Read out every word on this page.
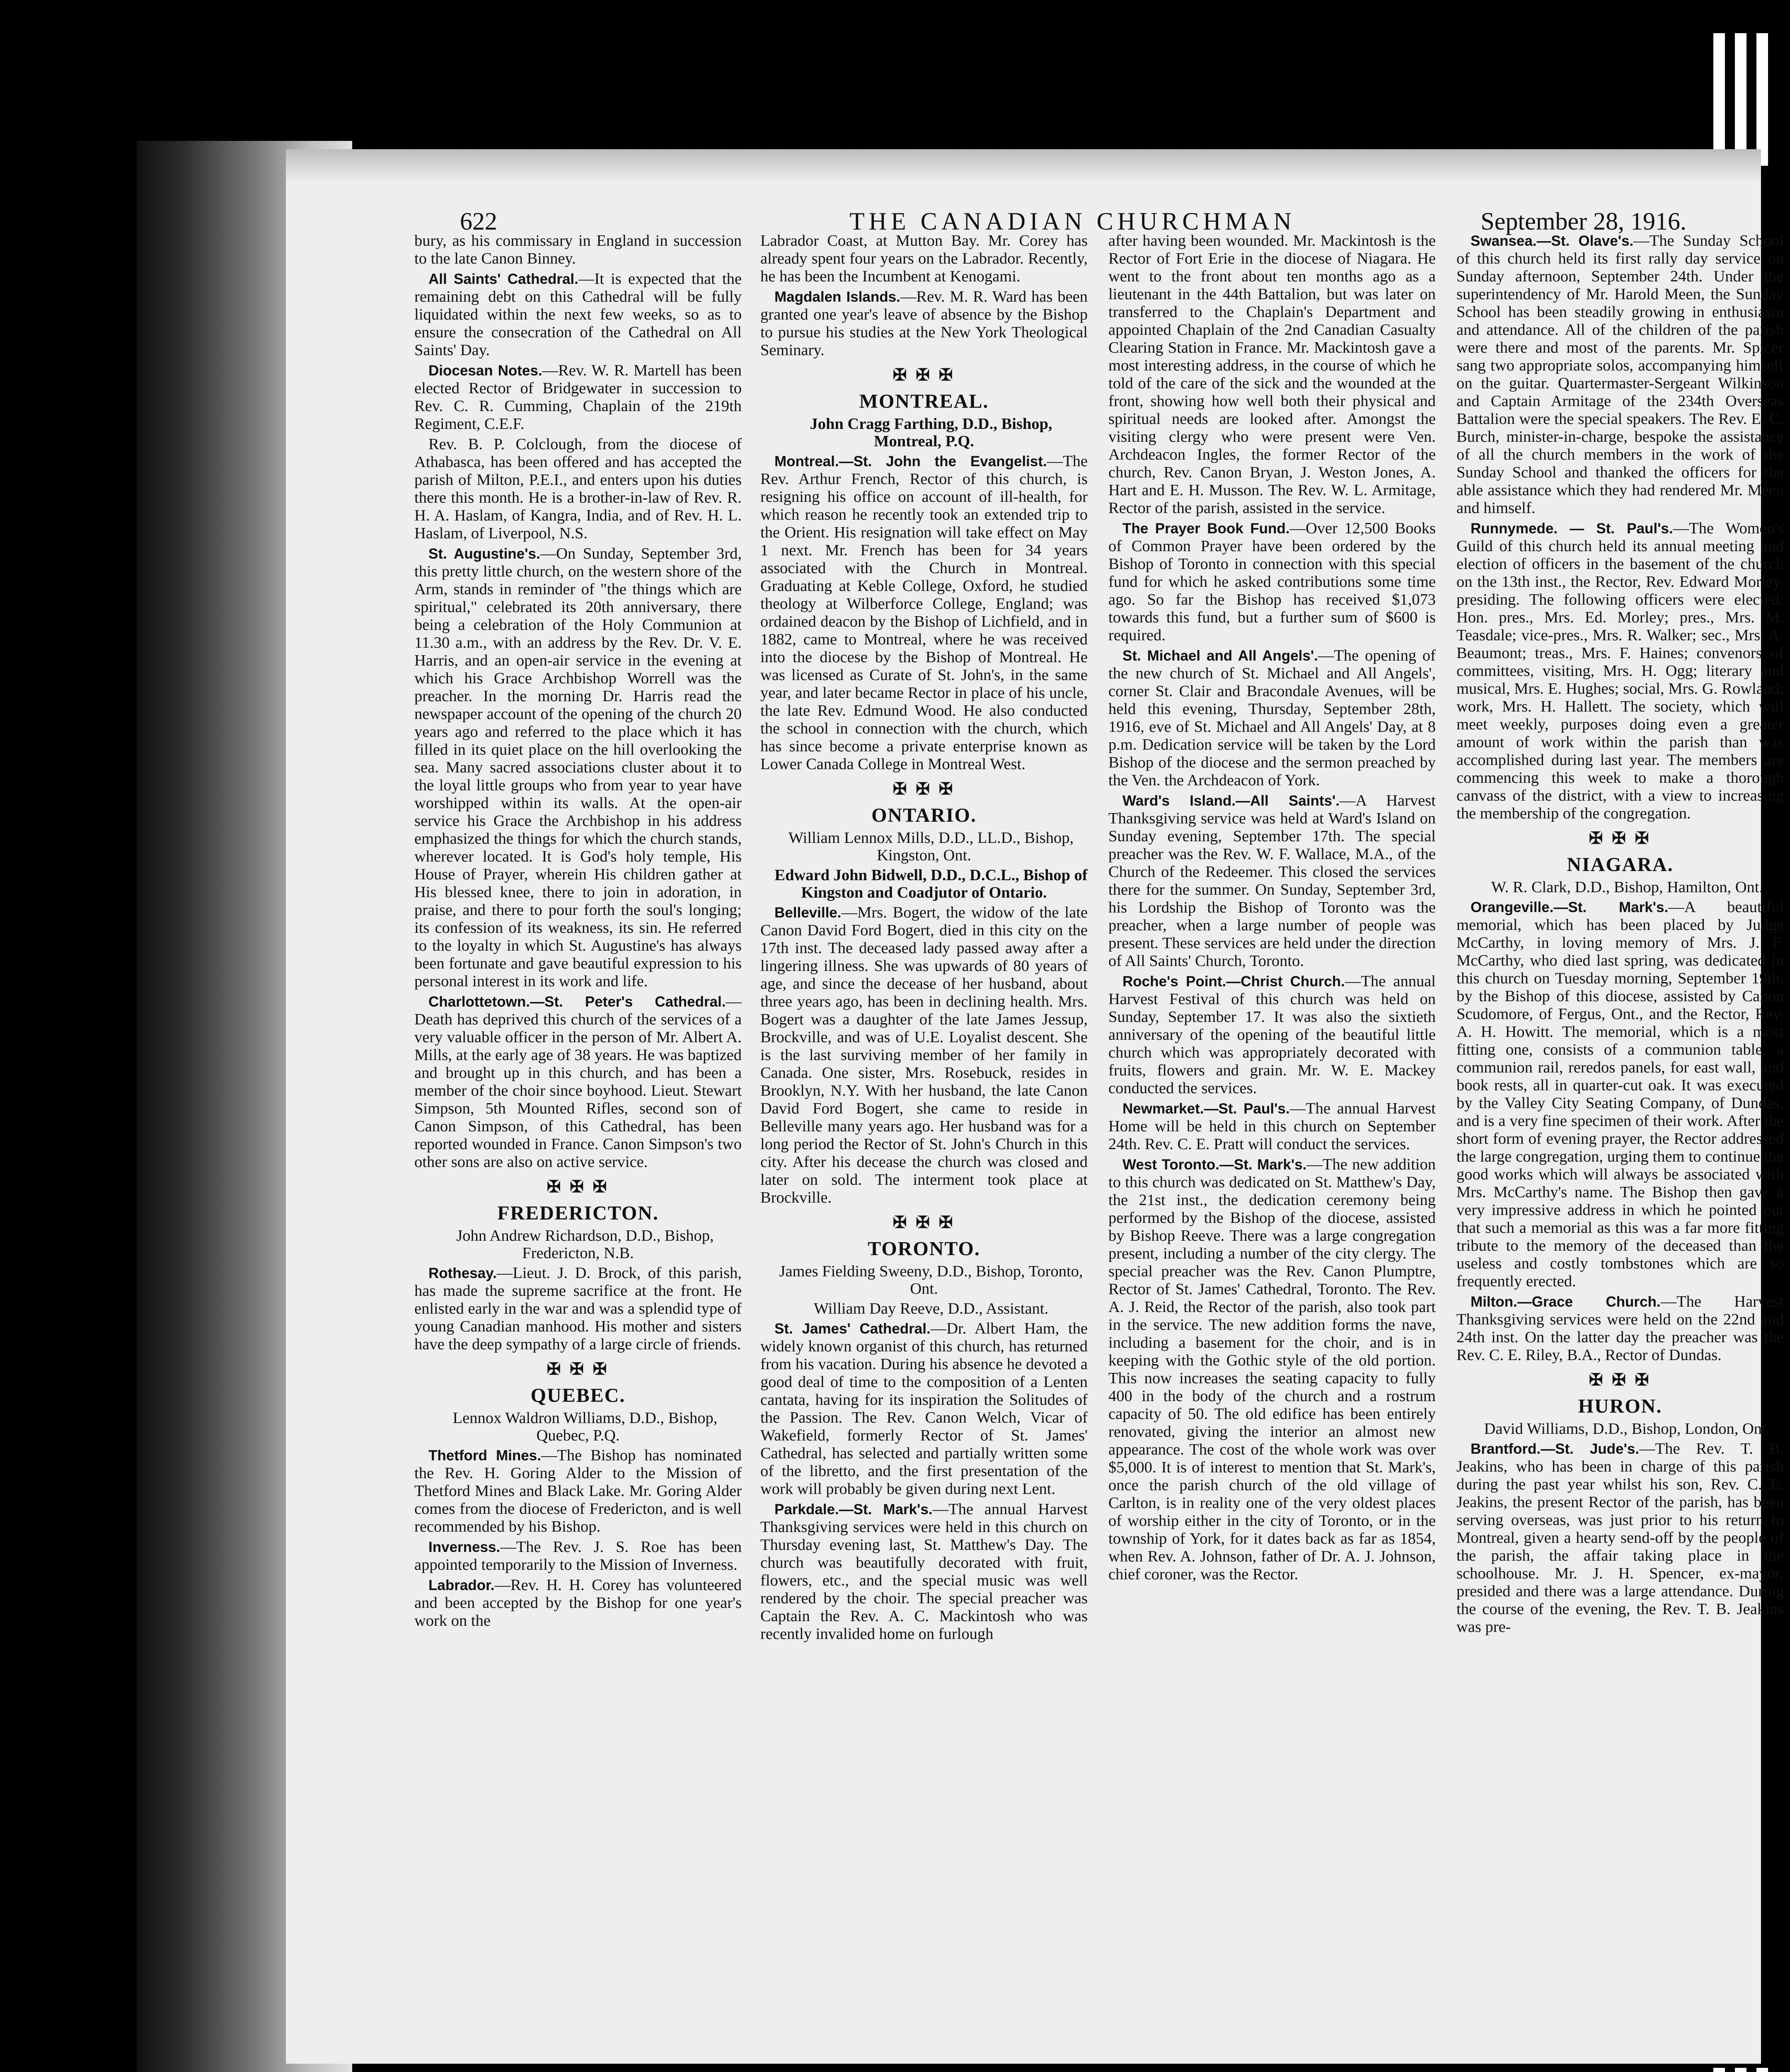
622	THE CANADIAN CHURCHMAN	September 28, 1916.

bury, as his commissary in England in succession to the late Canon Binney.

All Saints' Cathedral.—It is expected that the remaining debt on this Cathedral will be fully liquidated within the next few weeks, so as to ensure the consecration of the Cathedral on All Saints' Day.

Diocesan Notes.—Rev. W. R. Martell has been elected Rector of Bridgewater in succession to Rev. C. R. Cumming, Chaplain of the 219th Regiment, C.E.F.

Rev. B. P. Colclough, from the diocese of Athabasca, has been offered and has accepted the parish of Milton, P.E.I., and enters upon his duties there this month. He is a brother-in-law of Rev. R. H. A. Haslam, of Kangra, India, and of Rev. H. L. Haslam, of Liverpool, N.S.

St. Augustine's.—On Sunday, September 3rd, this pretty little church, on the western shore of the Arm, stands in reminder of "the things which are spiritual," celebrated its 20th anniversary, there being a celebration of the Holy Communion at 11.30 a.m., with an address by the Rev. Dr. V. E. Harris, and an open-air service in the evening at which his Grace Archbishop Worrell was the preacher. In the morning Dr. Harris read the newspaper account of the opening of the church 20 years ago and referred to the place which it has filled in its quiet place on the hill overlooking the sea. Many sacred associations cluster about it to the loyal little groups who from year to year have worshipped within its walls. At the open-air service his Grace the Archbishop in his address emphasized the things for which the church stands, wherever located. It is God's holy temple, His House of Prayer, wherein His children gather at His blessed knee, there to join in adoration, in praise, and there to pour forth the soul's longing; its confession of its weakness, its sin. He referred to the loyalty in which St. Augustine's has always been fortunate and gave beautiful expression to his personal interest in its work and life.

Charlottetown.—St. Peter's Cathedral.—Death has deprived this church of the services of a very valuable officer in the person of Mr. Albert A. Mills, at the early age of 38 years. He was baptized and brought up in this church, and has been a member of the choir since boyhood. Lieut. Stewart Simpson, 5th Mounted Rifles, second son of Canon Simpson, of this Cathedral, has been reported wounded in France. Canon Simpson's two other sons are also on active service.

✠ ✠ ✠
FREDERICTON.

John Andrew Richardson, D.D., Bishop, Fredericton, N.B.

Rothesay.—Lieut. J. D. Brock, of this parish, has made the supreme sacrifice at the front. He enlisted early in the war and was a splendid type of young Canadian manhood. His mother and sisters have the deep sympathy of a large circle of friends.

✠ ✠ ✠
QUEBEC.

Lennox Waldron Williams, D.D., Bishop, Quebec, P.Q.

Thetford Mines.—The Bishop has nominated the Rev. H. Goring Alder to the Mission of Thetford Mines and Black Lake. Mr. Goring Alder comes from the diocese of Fredericton, and is well recommended by his Bishop.

Inverness.—The Rev. J. S. Roe has been appointed temporarily to the Mission of Inverness.

Labrador.—Rev. H. H. Corey has volunteered and been accepted by the Bishop for one year's work on the

Labrador Coast, at Mutton Bay. Mr. Corey has already spent four years on the Labrador. Recently, he has been the Incumbent at Kenogami.

Magdalen Islands.—Rev. M. R. Ward has been granted one year's leave of absence by the Bishop to pursue his studies at the New York Theological Seminary.

✠ ✠ ✠
MONTREAL.

John Cragg Farthing, D.D., Bishop, Montreal, P.Q.

Montreal.—St. John the Evangelist.—The Rev. Arthur French, Rector of this church, is resigning his office on account of ill-health, for which reason he recently took an extended trip to the Orient. His resignation will take effect on May 1 next. Mr. French has been for 34 years associated with the Church in Montreal. Graduating at Keble College, Oxford, he studied theology at Wilberforce College, England; was ordained deacon by the Bishop of Lichfield, and in 1882, came to Montreal, where he was received into the diocese by the Bishop of Montreal. He was licensed as Curate of St. John's, in the same year, and later became Rector in place of his uncle, the late Rev. Edmund Wood. He also conducted the school in connection with the church, which has since become a private enterprise known as Lower Canada College in Montreal West.

✠ ✠ ✠
ONTARIO.

William Lennox Mills, D.D., LL.D., Bishop, Kingston, Ont.

Edward John Bidwell, D.D., D.C.L., Bishop of Kingston and Coadjutor of Ontario.

Belleville.—Mrs. Bogert, the widow of the late Canon David Ford Bogert, died in this city on the 17th inst. The deceased lady passed away after a lingering illness. She was upwards of 80 years of age, and since the decease of her husband, about three years ago, has been in declining health. Mrs. Bogert was a daughter of the late James Jessup, Brockville, and was of U.E. Loyalist descent. She is the last surviving member of her family in Canada. One sister, Mrs. Rosebuck, resides in Brooklyn, N.Y. With her husband, the late Canon David Ford Bogert, she came to reside in Belleville many years ago. Her husband was for a long period the Rector of St. John's Church in this city. After his decease the church was closed and later on sold. The interment took place at Brockville.

✠ ✠ ✠
TORONTO.

James Fielding Sweeny, D.D., Bishop, Toronto, Ont.

William Day Reeve, D.D., Assistant.

St. James' Cathedral.—Dr. Albert Ham, the widely known organist of this church, has returned from his vacation. During his absence he devoted a good deal of time to the composition of a Lenten cantata, having for its inspiration the Solitudes of the Passion. The Rev. Canon Welch, Vicar of Wakefield, formerly Rector of St. James' Cathedral, has selected and partially written some of the libretto, and the first presentation of the work will probably be given during next Lent.

Parkdale.—St. Mark's.—The annual Harvest Thanksgiving services were held in this church on Thursday evening last, St. Matthew's Day. The church was beautifully decorated with fruit, flowers, etc., and the special music was well rendered by the choir. The special preacher was Captain the Rev. A. C. Mackintosh who was recently invalided home on furlough

after having been wounded. Mr. Mackintosh is the Rector of Fort Erie in the diocese of Niagara. He went to the front about ten months ago as a lieutenant in the 44th Battalion, but was later on transferred to the Chaplain's Department and appointed Chaplain of the 2nd Canadian Casualty Clearing Station in France. Mr. Mackintosh gave a most interesting address, in the course of which he told of the care of the sick and the wounded at the front, showing how well both their physical and spiritual needs are looked after. Amongst the visiting clergy who were present were Ven. Archdeacon Ingles, the former Rector of the church, Rev. Canon Bryan, J. Weston Jones, A. Hart and E. H. Musson. The Rev. W. L. Armitage, Rector of the parish, assisted in the service.

The Prayer Book Fund.—Over 12,500 Books of Common Prayer have been ordered by the Bishop of Toronto in connection with this special fund for which he asked contributions some time ago. So far the Bishop has received $1,073 towards this fund, but a further sum of $600 is required.

St. Michael and All Angels'.—The opening of the new church of St. Michael and All Angels', corner St. Clair and Bracondale Avenues, will be held this evening, Thursday, September 28th, 1916, eve of St. Michael and All Angels' Day, at 8 p.m. Dedication service will be taken by the Lord Bishop of the diocese and the sermon preached by the Ven. the Archdeacon of York.

Ward's Island.—All Saints'.—A Harvest Thanksgiving service was held at Ward's Island on Sunday evening, September 17th. The special preacher was the Rev. W. F. Wallace, M.A., of the Church of the Redeemer. This closed the services there for the summer. On Sunday, September 3rd, his Lordship the Bishop of Toronto was the preacher, when a large number of people was present. These services are held under the direction of All Saints' Church, Toronto.

Roche's Point.—Christ Church.—The annual Harvest Festival of this church was held on Sunday, September 17. It was also the sixtieth anniversary of the opening of the beautiful little church which was appropriately decorated with fruits, flowers and grain. Mr. W. E. Mackey conducted the services.

Newmarket.—St. Paul's.—The annual Harvest Home will be held in this church on September 24th. Rev. C. E. Pratt will conduct the services.

West Toronto.—St. Mark's.—The new addition to this church was dedicated on St. Matthew's Day, the 21st inst., the dedication ceremony being performed by the Bishop of the diocese, assisted by Bishop Reeve. There was a large congregation present, including a number of the city clergy. The special preacher was the Rev. Canon Plumptre, Rector of St. James' Cathedral, Toronto. The Rev. A. J. Reid, the Rector of the parish, also took part in the service. The new addition forms the nave, including a basement for the choir, and is in keeping with the Gothic style of the old portion. This now increases the seating capacity to fully 400 in the body of the church and a rostrum capacity of 50. The old edifice has been entirely renovated, giving the interior an almost new appearance. The cost of the whole work was over $5,000. It is of interest to mention that St. Mark's, once the parish church of the old village of Carlton, is in reality one of the very oldest places of worship either in the city of Toronto, or in the township of York, for it dates back as far as 1854, when Rev. A. Johnson, father of Dr. A. J. Johnson, chief coroner, was the Rector.

Swansea.—St. Olave's.—The Sunday School of this church held its first rally day service on Sunday afternoon, September 24th. Under the superintendency of Mr. Harold Meen, the Sunday School has been steadily growing in enthusiasm and attendance. All of the children of the parish were there and most of the parents. Mr. Spicer sang two appropriate solos, accompanying himself on the guitar. Quartermaster-Sergeant Wilkinson and Captain Armitage of the 234th Overseas Battalion were the special speakers. The Rev. E. C. Burch, minister-in-charge, bespoke the assistance of all the church members in the work of the Sunday School and thanked the officers for the able assistance which they had rendered Mr. Meen and himself.

Runnymede. — St. Paul's.—The Women's Guild of this church held its annual meeting and election of officers in the basement of the church on the 13th inst., the Rector, Rev. Edward Morley, presiding. The following officers were elected: Hon. pres., Mrs. Ed. Morley; pres., Mrs. M. Teasdale; vice-pres., Mrs. R. Walker; sec., Mrs. A. Beaumont; treas., Mrs. F. Haines; convenors of committees, visiting, Mrs. H. Ogg; literary and musical, Mrs. E. Hughes; social, Mrs. G. Rowland; work, Mrs. H. Hallett. The society, which will meet weekly, purposes doing even a greater amount of work within the parish than was accomplished during last year. The members are commencing this week to make a thorough canvass of the district, with a view to increasing the membership of the congregation.

✠ ✠ ✠
NIAGARA.

W. R. Clark, D.D., Bishop, Hamilton, Ont.

Orangeville.—St. Mark's.—A beautiful memorial, which has been placed by Judge McCarthy, in loving memory of Mrs. J. F. McCarthy, who died last spring, was dedicated in this church on Tuesday morning, September 19th, by the Bishop of this diocese, assisted by Canon Scudomore, of Fergus, Ont., and the Rector, Rev. A. H. Howitt. The memorial, which is a most fitting one, consists of a communion table, a communion rail, reredos panels, for east wall, and book rests, all in quarter-cut oak. It was executed by the Valley City Seating Company, of Dundas, and is a very fine specimen of their work. After the short form of evening prayer, the Rector addressed the large congregation, urging them to continue the good works which will always be associated with Mrs. McCarthy's name. The Bishop then gave a very impressive address in which he pointed out that such a memorial as this was a far more fitting tribute to the memory of the deceased than the useless and costly tombstones which are so frequently erected.

Milton.—Grace Church.—The Harvest Thanksgiving services were held on the 22nd and 24th inst. On the latter day the preacher was the Rev. C. E. Riley, B.A., Rector of Dundas.

✠ ✠ ✠
HURON.

David Williams, D.D., Bishop, London, Ont.

Brantford.—St. Jude's.—The Rev. T. B. Jeakins, who has been in charge of this parish during the past year whilst his son, Rev. C. E. Jeakins, the present Rector of the parish, has been serving overseas, was just prior to his return to Montreal, given a hearty send-off by the people of the parish, the affair taking place in the schoolhouse. Mr. J. H. Spencer, ex-mayor, presided and there was a large attendance. During the course of the evening, the Rev. T. B. Jeakins was pre-
